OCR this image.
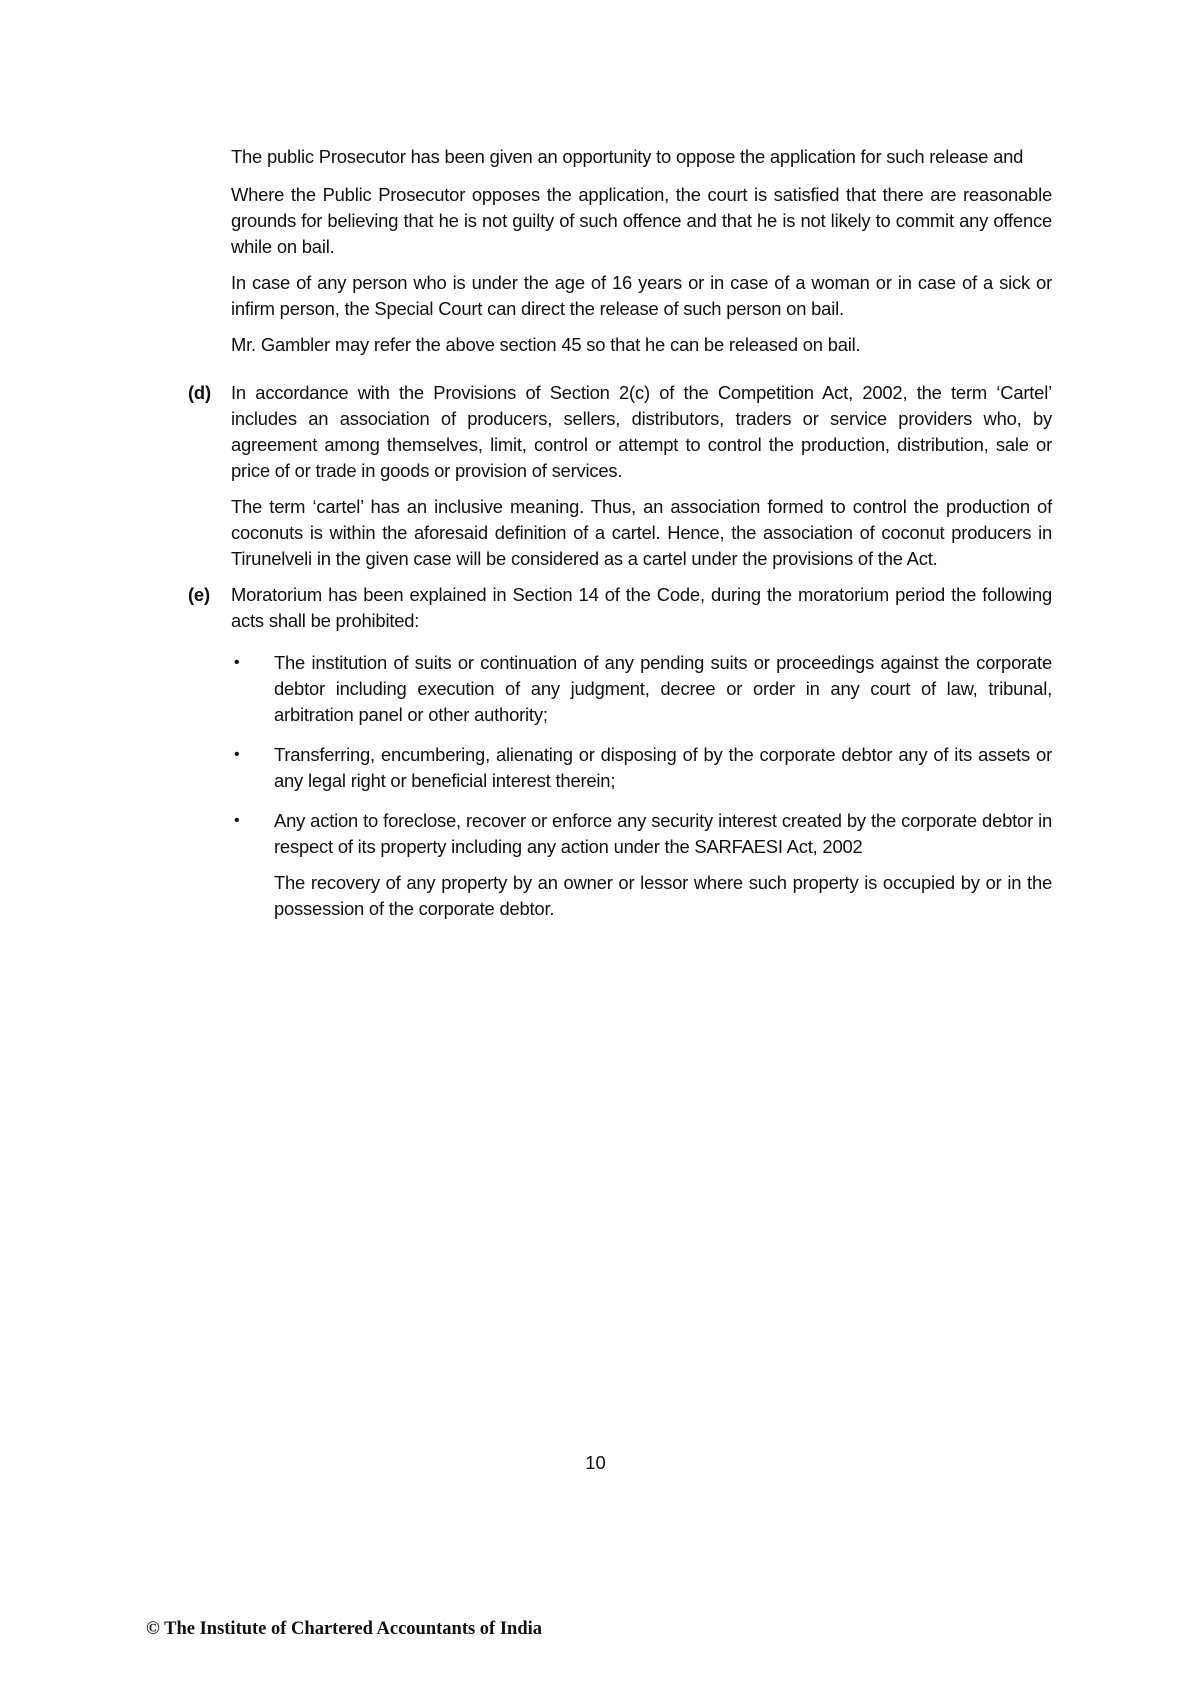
The public Prosecutor has been given an opportunity to oppose the application for such release and

Where the Public Prosecutor opposes the application, the court is satisfied that there are reasonable grounds for believing that he is not guilty of such offence and that he is not likely to commit any offence while on bail.

In case of any person who is under the age of 16 years or in case of a woman or in case of a sick or infirm person, the Special Court can direct the release of such person on bail.

Mr. Gambler may refer the above section 45 so that he can be released on bail.

(d) In accordance with the Provisions of Section 2(c) of the Competition Act, 2002, the term ‘Cartel’ includes an association of producers, sellers, distributors, traders or service providers who, by agreement among themselves, limit, control or attempt to control the production, distribution, sale or price of or trade in goods or provision of services.

The term ‘cartel’ has an inclusive meaning. Thus, an association formed to control the production of coconuts is within the aforesaid definition of a cartel. Hence, the association of coconut producers in Tirunelveli in the given case will be considered as a cartel under the provisions of the Act.

(e) Moratorium has been explained in Section 14 of the Code, during the moratorium period the following acts shall be prohibited:

• The institution of suits or continuation of any pending suits or proceedings against the corporate debtor including execution of any judgment, decree or order in any court of law, tribunal, arbitration panel or other authority;

• Transferring, encumbering, alienating or disposing of by the corporate debtor any of its assets or any legal right or beneficial interest therein;

• Any action to foreclose, recover or enforce any security interest created by the corporate debtor in respect of its property including any action under the SARFAESI Act, 2002

The recovery of any property by an owner or lessor where such property is occupied by or in the possession of the corporate debtor.

10
© The Institute of Chartered Accountants of India
